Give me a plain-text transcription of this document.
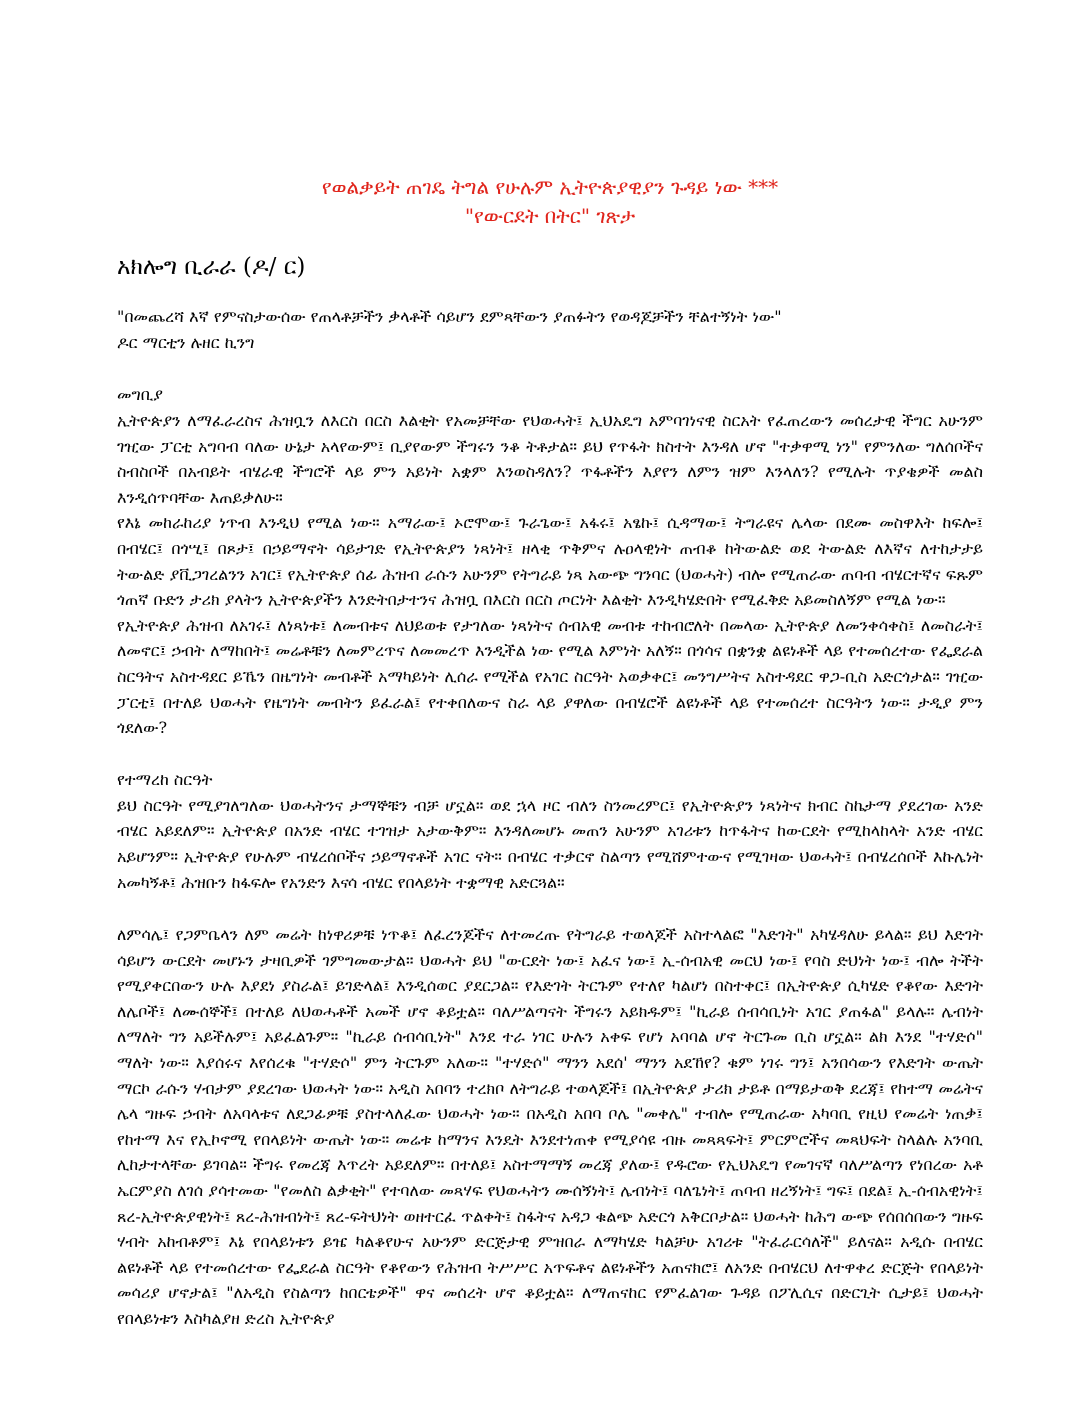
የወልቃይት ጠገዴ ትግል የሁሉም ኢትዮጵያዊያን ጉዳይ ነው ***
"የውርደት በትር" ገጽታ

አክሎግ ቢራራ (ዶ/ ር)

"በመጨረሻ እኛ የምናስታውሰው የጠላቶቻችን ቃላቶች ሳይሆን ደምጻቸውን ያጠፉትን የወዳጆቻችን ቸልተኝነት ነው"

ዶር ማርቲን ሉዘር ኪንግ

መግቢያ

ኢትዮጵያን ለማፈራረስና ሕዝቧን ለእርስ በርስ እልቂት የአመቻቸው የህወሓት፤ ኢህአዴግ አምባገነናዊ ስርአት የፈጠረውን መሰረታዊ ችግር አሁንም ገዢው ፓርቲ አግባብ ባለው ሁኔታ አላየውም፤ ቢያየውም ችግሩን ንቆ ትቶታል። ይህ የጥፋት ክስተት እንዳለ ሆኖ "ተቃዋሚ ነን" የምንለው ግለሰቦችና ስብስቦች በአብይት ብሄራዊ ችግሮች ላይ ምን አይነት አቋም እንወስዳለን? ጥፋቶችን እያየን ለምን ዝም እንላለን? የሚሉት ጥያቄዎች መልስ እንዲሰጥባቸው እጠይቃለሁ።

የእኔ መከራከሪያ ነጥብ እንዲህ የሚል ነው። አማራው፤ ኦሮሞው፤ ጉራጌው፤ አፋሩ፤ አፄኩ፤ ሲዳማው፤ ትግራዩና ሌላው በደሙ መስዋእት ከፍሎ፤ በብሄር፤ በጎሢ፤ በጾታ፤ በኃይማኖት ሳይታገድ የኢትዮጵያን ነጻነት፤ ዘላቂ ጥቅምና ሉዐላዊነት ጠብቆ ከትውልድ ወደ ትውልድ ለእኛና ለተከታታይ ትውልድ ያቪጋገረልንን አገር፤ የኢትዮጵያ ሰፊ ሕዝብ ራሱን አሁንም የትግራይ ነጻ አውጭ ግንባር (ህወሓት) ብሎ የሚጠራው ጠባብ ብሄርተኛና ፍጹም ጎጠኛ ቡድን ታሪክ ያላትን ኢትዮጵያችን እንድትበታተንና ሕዝቧ በእርስ በርስ ጦርነት እልቂት እንዲካሄድበት የሚፈቅድ አይመስለኝም የሚል ነው።

የኢትዮጵያ ሕዝብ ለአገሩ፤ ለነጻነቱ፤ ለመብቱና ለህይወቱ የታገለው ነጻነትና ሰብአዊ መብቱ ተከብሮለት በመላው ኢትዮጵያ ለመንቀሳቀስ፤ ለመስራት፤ ለመኖር፤ ኃብት ለማከበት፤ መሬቶቹን ለመምረጥና ለመመረጥ እንዲችል ነው የሚል እምነት አለኝ። በጎሳና በቋንቋ ልዩነቶች ላይ የተመሰረተው የፌደራል ስርዓትና አስተዳደር ይኼን በዜግነት መብቶች አማካይነት ሊሰራ የሚችል የአገር ስርዓት አወቃቀር፤ መንግሥትና አስተዳደር ዋጋ-ቢስ አድርጎታል። ገዢው ፓርቲ፤ በተለይ ህወሓት የዜግነት መብትን ይፈራል፤ የተቀበለውና ስራ ላይ ያዋለው በብሄሮች ልዩነቶች ላይ የተመሰረተ ስርዓትን ነው። ታዲያ ምን ጎደለው?

የተማረከ ስርዓት

ይህ ስርዓት የሚያገለግለው ህወሓትንና ታማኞቹን ብቻ ሆኗል። ወደ ኋላ ዞር ብለን ስንመረምር፤ የኢትዮጵያን ነጻነትና ክብር ስኬታማ ያደረገው አንድ ብሄር አይደለም። ኢትዮጵያ በአንድ ብሄር ተገዝታ አታውቅም። እንዳለመሆኑ መጠን አሁንም አገሪቱን ከጥፋትና ከውርደት የሚከላከላት አንድ ብሄር አይሆንም። ኢትዮጵያ የሁሉም ብሄረሰቦችና ኃይማኖቶች አገር ናት። በብሄር ተቃርኖ ስልጣን የሚሸምተውና የሚገዛው ህወሓት፤ በብሄረሰቦች እኩሌነት አመካኝቶ፤ ሕዝቡን ከፋፍሎ የአንድን እናሳ ብሄር የበላይነት ተቋማዊ አድርጓል።

ለምሳሌ፤ የጋምቤላን ለም መሬት ከነዋሪዎቹ ነጥቆ፤ ለፈረንጆችና ለተመረጡ የትግራይ ተወላጆች አስተላልፎ "እድገት" አካሄዳለሁ ይላል። ይህ እድገት ሳይሆን ውርደት መሆኑን ታዛቢዎች ገምግመውታል። ህወሓት ይህ "ውርደት ነው፤ አፈና ነው፤ ኢ-ሰብአዊ መርህ ነው፤ የባስ ድህነት ነው፤ ብሎ ትችት የሚያቀርበውን ሁሉ እያደነ ያስራል፤ ይገድላል፤ እንዲሰወር ያደርጋል። የእድገት ትርጉም የተለየ ካልሆነ በስተቀር፤ በኢትዮጵያ ሲካሄድ የቆየው እድገት ለሌቦች፤ ለሙሰኞች፤ በተለይ ለህወሓቶች አመች ሆኖ ቆይቷል። ባለሥልጣናት ችግሩን አይክዱም፤ "ኪራይ ሰብሳቢነት አገር ያጠፋል" ይላሉ። ሌብነት ለማለት ግን አይችሉም፤ አይፈልጉም። "ኪራይ ሰብሳቢነት" እንደ ተራ ነገር ሁሉን አቀፍ የሆነ አባባል ሆኖ ትርጉመ ቢስ ሆኗል። ልክ እንደ "ተሃድሶ" ማለት ነው። እያሰሩና እየሰረቁ "ተሃድሶ" ምን ትርጉም አለው። "ተሃድሶ" ማንን አደሰ' ማንን አደኸየ? ቁም ነገሩ ግን፤ አንበሳውን የእድገት ውጤት ማርኮ ራሱን ሃብታም ያደረገው ህወሓት ነው። አዲስ አበባን ተረክቦ ለትግራይ ተወላጆች፤ በኢትዮጵያ ታሪክ ታይቶ በማይታወቅ ደረጃ፤ የከተማ መሬትና ሌላ ግዙፍ ኃብት ለአባላቱና ለደጋፊዎቹ ያስተላለፈው ህወሓት ነው። በአዲስ አበባ ቦሌ "መቀሌ" ተብሎ የሚጠራው አካባቢ የዚህ የመሬት ነጠቃ፤ የከተማ እና የኢኮኖሚ የበላይነት ውጤት ነው። መሬቱ ከማንና እንዴት እንደተነጠቀ የሚያሳዩ ብዙ መጻጻፍት፤ ምርምሮችና መጻህፍት ስላልሉ አንባቢ ሊከታተላቸው ይገባል። ችግሩ የመረጃ እጥረት አይደለም። በተለይ፤ አስተማማኝ መረጃ ያለው፤ የዱሮው የኢህአዴግ የመገናኛ ባለሥልጣን የነበረው አቶ ኤርምያስ ለገሰ ያሳተመው "የመለስ ልቃቂት" የተባለው መጻሃፍ የህወሓትን ሙሰኝነት፤ ሌብነት፤ ባለጌነት፤ ጠባብ ዘረኝነት፤ ግፍ፤ በደል፤ ኢ-ሰብአዊነት፤ ጸረ-ኢትዮጵያዊነት፤ ጸረ-ሕዝብነት፤ ጸረ-ፍትህነት ወዘተርፈ ጥልቀት፤ ስፋትና አዳጋ ቁልጭ አድርጎ አቅርቦታል። ህወሓት ከሕግ ውጭ የሰበሰበውን ግዙፍ ሃብት አከብቶም፤ እኔ የበላይነቱን ይዤ ካልቆየሁና አሁንም ድርጅታዊ ምዝበራ ለማካሄድ ካልቻሁ አገሪቱ "ትፈራርሳለች" ይለናል። አዲሱ በብሄር ልዩነቶች ላይ የተመሰረተው የፌደራል ስርዓት የቆየውን የሕዝብ ትሥሥር አጥፍቶና ልዩነቶችን አጠናክሮ፤ ለአንድ በብሄርህ ለተዋቀረ ድርጅት የበላይነት መሳሪያ ሆኖታል፤ "ለአዲስ የስልጣን ከበርቴዎች" ዋና መሰረት ሆኖ ቆይቷል። ለማጠናከር የምፈልገው ጉዳይ በፖሊሲና በድርጊት ሲታይ፤ ህወሓት የበላይነቱን እስካልያዘ ድረስ ኢትዮጵያ
